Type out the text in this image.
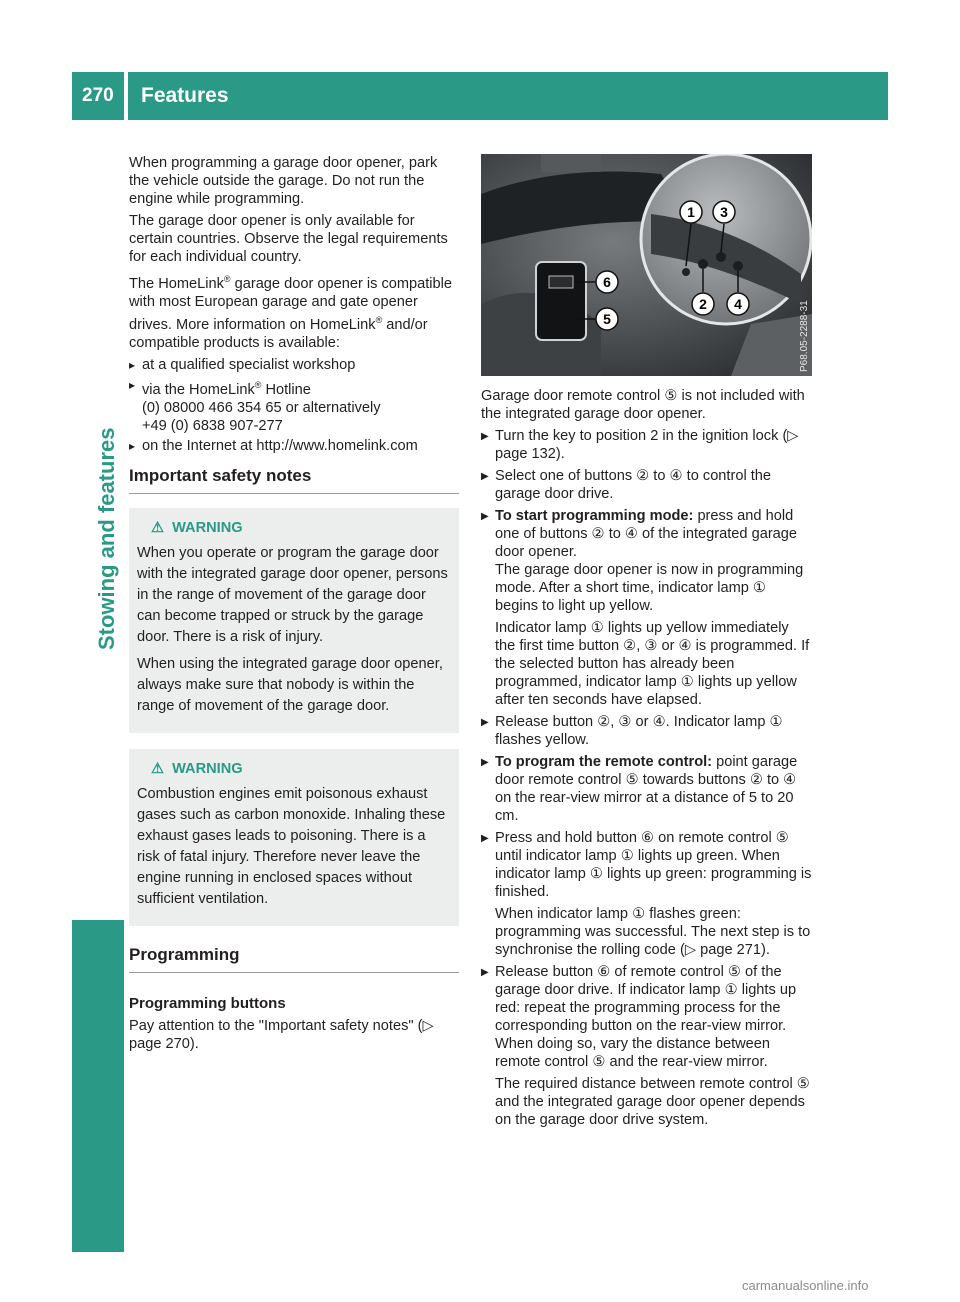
270 Features
Stowing and features

When programming a garage door opener, park the vehicle outside the garage. Do not run the engine while programming.

The garage door opener is only available for certain countries. Observe the legal requirements for each individual country.

The HomeLink® garage door opener is compatible with most European garage and gate opener drives. More information on HomeLink® and/or compatible products is available:

▸ at a qualified specialist workshop
▸ via the HomeLink® Hotline
(0) 08000 466 354 65 or alternatively
+49 (0) 6838 907-277
▸ on the Internet at http://www.homelink.com
Important safety notes
⚠ WARNING

When you operate or program the garage door with the integrated garage door opener, persons in the range of movement of the garage door can become trapped or struck by the garage door. There is a risk of injury.

When using the integrated garage door opener, always make sure that nobody is within the range of movement of the garage door.

⚠ WARNING

Combustion engines emit poisonous exhaust gases such as carbon monoxide. Inhaling these exhaust gases leads to poisoning. There is a risk of fatal injury. Therefore never leave the engine running in enclosed spaces without sufficient ventilation.

Programming
Programming buttons

Pay attention to the "Important safety notes" (▷ page 270).

1 3
2 4
6
5	P68.05-2288-31

Garage door remote control ⑤ is not included with the integrated garage door opener.

▶ Turn the key to position 2 in the ignition lock (▷ page 132).
▶ Select one of buttons ② to ④ to control the garage door drive.
▶ To start programming mode: press and hold one of buttons ② to ④ of the integrated garage door opener.
The garage door opener is now in programming mode. After a short time, indicator lamp ① begins to light up yellow.
Indicator lamp ① lights up yellow immediately the first time button ②, ③ or ④ is programmed. If the selected button has already been programmed, indicator lamp ① lights up yellow after ten seconds have elapsed.
▶ Release button ②, ③ or ④. Indicator lamp ① flashes yellow.
▶ To program the remote control: point garage door remote control ⑤ towards buttons ② to ④ on the rear-view mirror at a distance of 5 to 20 cm.
▶ Press and hold button ⑥ on remote control ⑤ until indicator lamp ① lights up green. When indicator lamp ① lights up green: programming is finished.
When indicator lamp ① flashes green: programming was successful. The next step is to synchronise the rolling code (▷ page 271).
▶ Release button ⑥ of remote control ⑤ of the garage door drive. If indicator lamp ① lights up red: repeat the programming process for the corresponding button on the rear-view mirror. When doing so, vary the distance between remote control ⑤ and the rear-view mirror.
The required distance between remote control ⑤ and the integrated garage door opener depends on the garage door drive system.
carmanualsonline.info
